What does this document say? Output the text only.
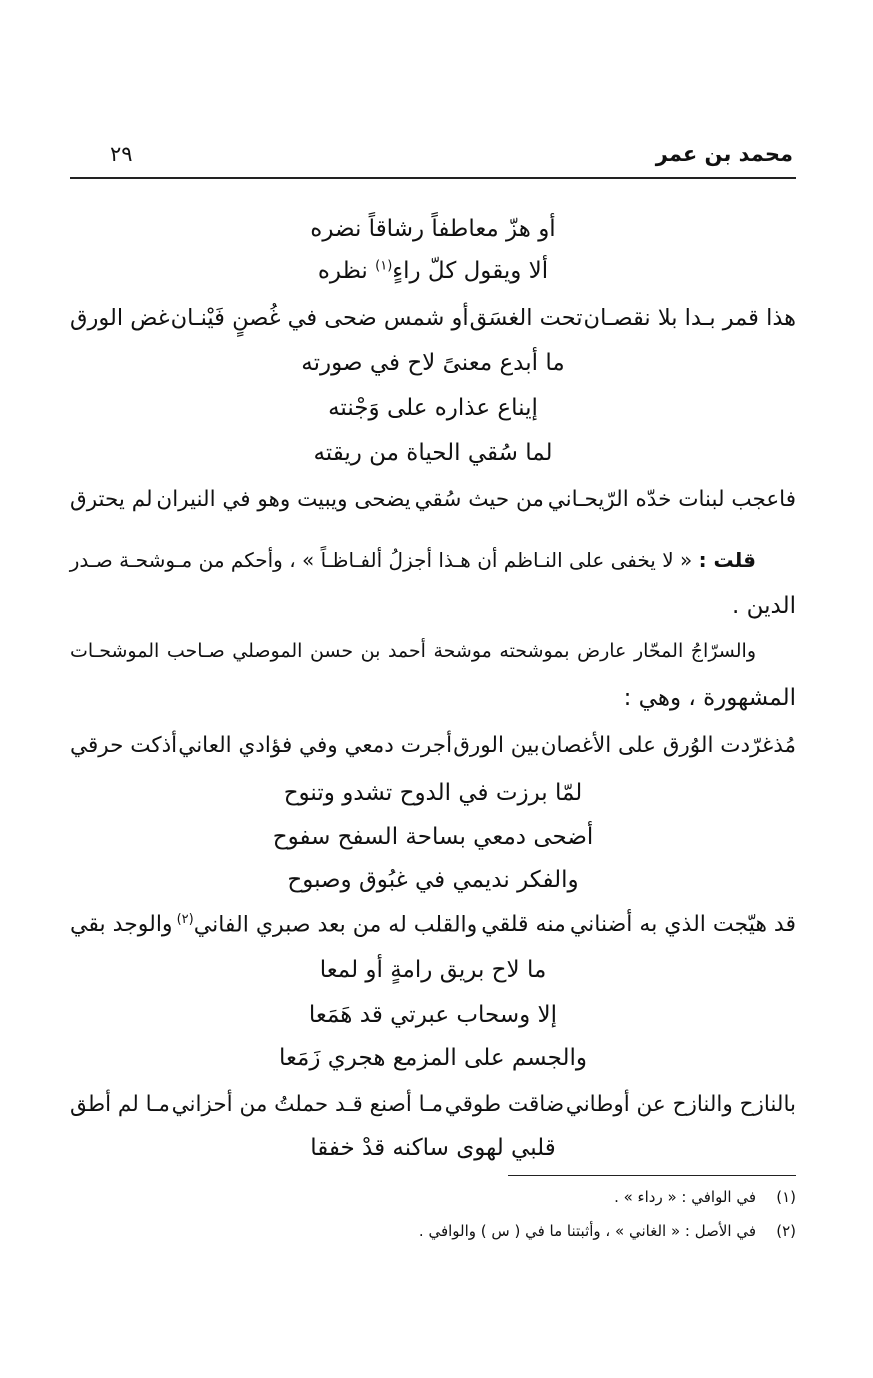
محمد بن عمر
٢٩
أو هزّ معاطفاً رشاقاً نضره
ألا ويقول كلّ راءٍ$^{(١)}$ نظره
هذا قمر بـدا بلا نقصـان
تحت الغسَق
أو شمس ضحى في غُصنٍ فَيْنـان
غض الورق
ما أبدع معنىً لاح في صورته
إيناع عذاره على وَجْنته
لما سُقي الحياة من ريقته
فاعجب لبنات خدّه الرّيحـاني
من حيث سُقي
يضحى ويبيت وهو في النيران
لم يحترق
قلت : « لا يخفى على النـاظم أن هـذا أجزلُ ألفـاظـاً » ، وأحكم من مـوشحـة صـدر
الدين .
والسرّاجُ المحّار عارض بموشحته موشحة أحمد بن حسن الموصلي صـاحب الموشحـات
المشهورة ، وهي :
مُذغرّدت الوُرق على الأغصان
بين الورق
أجرت دمعي وفي فؤادي العاني
أذكت حرقي
لمّا برزت في الدوح تشدو وتنوح
أضحى دمعي بساحة السفح سفوح
والفكر نديمي في غبُوق وصبوح
قد هيّجت الذي به أضناني
منه قلقي
والقلب له من بعد صبري الفاني$^{(٢)}$
والوجد بقي
ما لاح بريق رامةٍ أو لمعا
إلا وسحاب عبرتي قد هَمَعا
والجسم على المزمع هجري زَمَعا
بالنازح والنازح عن أوطاني
ضاقت طوقي
مـا أصنع قـد حملتُ من أحزاني
مـا لم أطق
قلبي لهوى ساكنه قدْ خفقا
(١)في الوافي : « رداء » .
(٢)في الأصل : « الغاني » ، وأثبتنا ما في ( س ) والوافي .
